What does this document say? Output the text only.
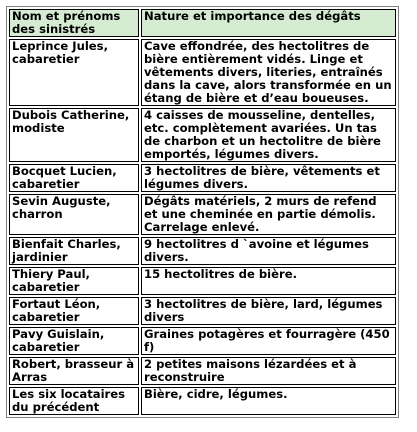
Nom et prénoms des sinistrés	Nature et importance des dégâts
Leprince Jules, cabaretier	Cave effondrée, des hectolitres de bière entièrement vidés. Linge et vêtements divers, literies, entraînés dans la cave, alors transformée en un étang de bière et d’eau boueuses.
Dubois Catherine, modiste	4 caisses de mousseline, dentelles, etc. complètement avariées. Un tas de charbon et un hectolitre de bière emportés, légumes divers.
Bocquet Lucien, cabaretier	3 hectolitres de bière, vêtements et légumes divers.
Sevin Auguste, charron	Dégâts matériels, 2 murs de refend et une cheminée en partie démolis. Carrelage enlevé.
Bienfait Charles, jardinier	9 hectolitres d `avoine et légumes divers.
Thiery Paul, cabaretier	15 hectolitres de bière.
Fortaut Léon, cabaretier	3 hectolitres de bière, lard, légumes divers
Pavy Guislain, cabaretier	Graines potagères et fourragère (450 f)
Robert, brasseur à Arras	2 petites maisons lézardées et à reconstruire
Les six locataires du précédent	Bière, cidre, légumes.
